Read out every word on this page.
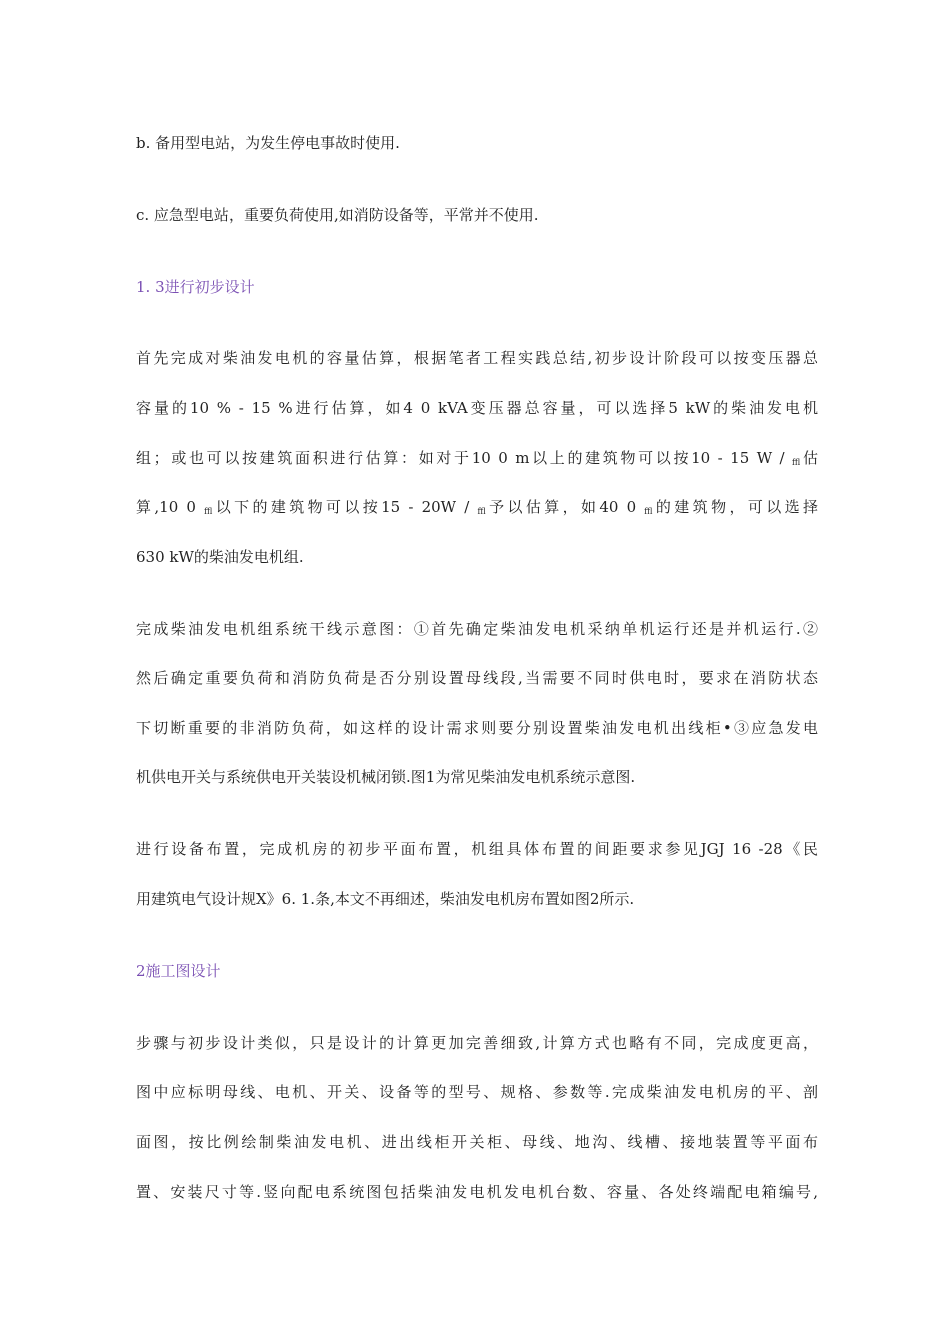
b. 备用型电站，为发生停电事故时使用.
c. 应急型电站，重要负荷使用,如消防设备等，平常并不使用.
1. 3进行初步设计
首先完成对柴油发电机的容量估算，根据笔者工程实践总结,初步设计阶段可以按变压器总
容量的10 % - 15 %进行估算，如4 0 kVA变压器总容量，可以选择5 kW的柴油发电机
组；或也可以按建筑面积进行估算：如对于10 0 m以上的建筑物可以按10 - 15 W / $_{ffl}$估
算,10 0 $_{ffl}$以下的建筑物可以按15 - 20W / $_{ffl}$予以估算，如40 0 $_{ffl}$的建筑物，可以选择
630 kW的柴油发电机组.
完成柴油发电机组系统干线示意图：①首先确定柴油发电机采纳单机运行还是并机运行.②
然后确定重要负荷和消防负荷是否分别设置母线段,当需要不同时供电时，要求在消防状态
下切断重要的非消防负荷，如这样的设计需求则要分别设置柴油发电机出线柜•③应急发电
机供电开关与系统供电开关装设机械闭锁.图1为常见柴油发电机系统示意图.
进行设备布置，完成机房的初步平面布置，机组具体布置的间距要求参见JGJ 16 -28《民
用建筑电气设计规X》6. 1.条,本文不再细述，柴油发电机房布置如图2所示.
2施工图设计
步骤与初步设计类似，只是设计的计算更加完善细致,计算方式也略有不同，完成度更高，
图中应标明母线、电机、开关、设备等的型号、规格、参数等.完成柴油发电机房的平、剖
面图，按比例绘制柴油发电机、进出线柜开关柜、母线、地沟、线槽、接地装置等平面布
置、安装尺寸等.竖向配电系统图包括柴油发电机发电机台数、容量、各处终端配电箱编号,
